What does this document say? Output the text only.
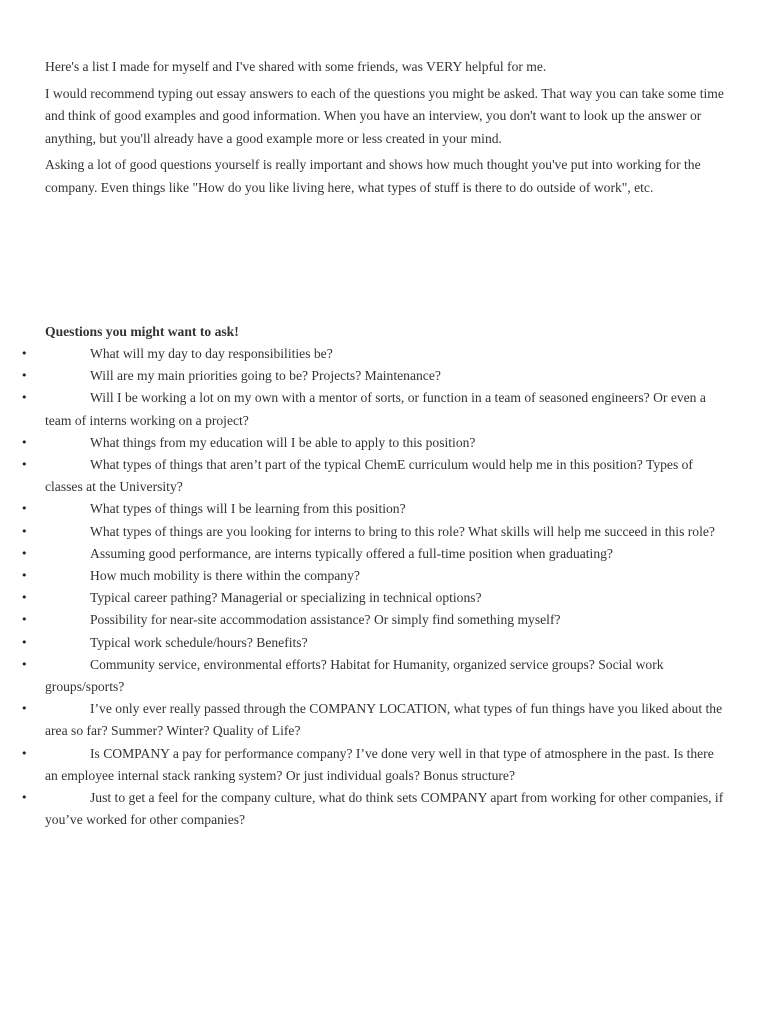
Here's a list I made for myself and I've shared with some friends, was VERY helpful for me.

I would recommend typing out essay answers to each of the questions you might be asked. That way you can take some time and think of good examples and good information. When you have an interview, you don't want to look up the answer or anything, but you'll already have a good example more or less created in your mind.

Asking a lot of good questions yourself is really important and shows how much thought you've put into working for the company. Even things like "How do you like living here, what types of stuff is there to do outside of work", etc.

Questions you might want to ask!

•	What will my day to day responsibilities be?
•	Will are my main priorities going to be? Projects? Maintenance?
•	Will I be working a lot on my own with a mentor of sorts, or function in a team of seasoned engineers? Or even a team of interns working on a project?
•	What things from my education will I be able to apply to this position?
•	What types of things that aren’t part of the typical ChemE curriculum would help me in this position? Types of classes at the University?
•	What types of things will I be learning from this position?
•	What types of things are you looking for interns to bring to this role? What skills will help me succeed in this role?
•	Assuming good performance, are interns typically offered a full-time position when graduating?
•	How much mobility is there within the company?
•	Typical career pathing? Managerial or specializing in technical options?
•	Possibility for near-site accommodation assistance? Or simply find something myself?
•	Typical work schedule/hours? Benefits?
•	Community service, environmental efforts? Habitat for Humanity, organized service groups? Social work groups/sports?
•	I’ve only ever really passed through the COMPANY LOCATION, what types of fun things have you liked about the area so far? Summer? Winter? Quality of Life?
•	Is COMPANY a pay for performance company? I’ve done very well in that type of atmosphere in the past. Is there an employee internal stack ranking system? Or just individual goals? Bonus structure?
•	Just to get a feel for the company culture, what do think sets COMPANY apart from working for other companies, if you’ve worked for other companies?
